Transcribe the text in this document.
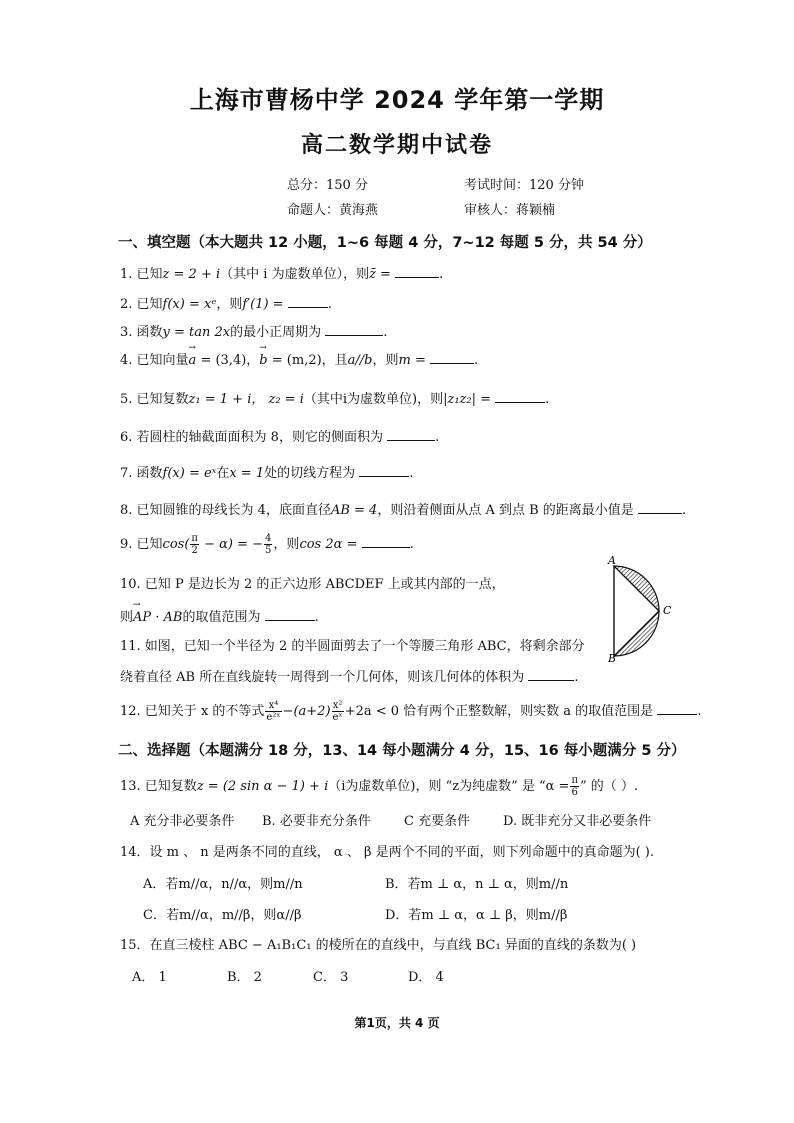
上海市曹杨中学 2024 学年第一学期
高二数学期中试卷
总分：150 分	考试时间：120 分钟
命题人：黄海燕	审核人：蒋颖楠
一、填空题（本大题共 12 小题，1~6 每题 4 分，7~12 每题 5 分，共 54 分）
1. 已知z = 2 + i（其中 i 为虚数单位），则z̄ =	.
2. 已知f(x) = xᵉ，则f′(1) =	.
3. 函数y = tan 2x的最小正周期为	.
4. 已知向量→ a = (3,4)，→ b = (m,2)，且a//b，则m =	.
5. 已知复数z₁ = 1 + i， z₂ = i（其中i为虚数单位)，则|z₁z₂| =	.
6. 若圆柱的轴截面面积为 8，则它的侧面积为	.
7. 函数f(x) = eˣ在x = 1处的切线方程为	.
8. 已知圆锥的母线长为 4，底面直径AB = 4，则沿着侧面从点 A 到点 B 的距离最小值是	.
9. 已知$\cos( \frac{\pi}{2} - \alpha)$ = − $\frac{4}{5}$ ，则cos 2α =	.
10. 已知 P 是边长为 2 的正六边形 ABCDEF 上或其内部的一点，
则→ AP · AB的取值范围为	.
11. 如图，已知一个半径为 2 的半圆面剪去了一个等腰三角形 ABC，将剩余部分
绕着直径 AB 所在直线旋转一周得到一个几何体，则该几何体的体积为	.
A
B
C
12. 已知关于 x 的不等式 $\frac{\text{x⁴}}{\text{e²ˣ}} -(a+2) \frac{\text{x²}}{\text{eˣ}} +2a < 0$ 恰有两个正整数解，则实数 a 的取值范围是	.
二、选择题（本题满分 18 分，13、14 每小题满分 4 分，15、16 每小题满分 5 分）
13. 已知复数z = (2 sin α − 1) + i（i为虚数单位)，则 “z为纯虚数” 是 “$\alpha = \frac{\pi}{6}$ ” 的（ ）.
A 充分非必要条件 B. 必要非充分条件	C 充要条件	D. 既非充分又非必要条件
14．设 m 、 n 是两条不同的直线， α 、 β 是两个不同的平面，则下列命题中的真命题为( ).
A．若m//α，n//α，则m//n	B．若m ⊥ α，n ⊥ α，则m//n
C．若m//α，m//β，则α//β	D．若m ⊥ α，α ⊥ β，则m//β
15．在直三棱柱 ABC − A₁B₁C₁ 的棱所在的直线中，与直线 BC₁ 异面的直线的条数为( )
A． 1	B． 2	C． 3	D． 4
第1页，共 4 页
